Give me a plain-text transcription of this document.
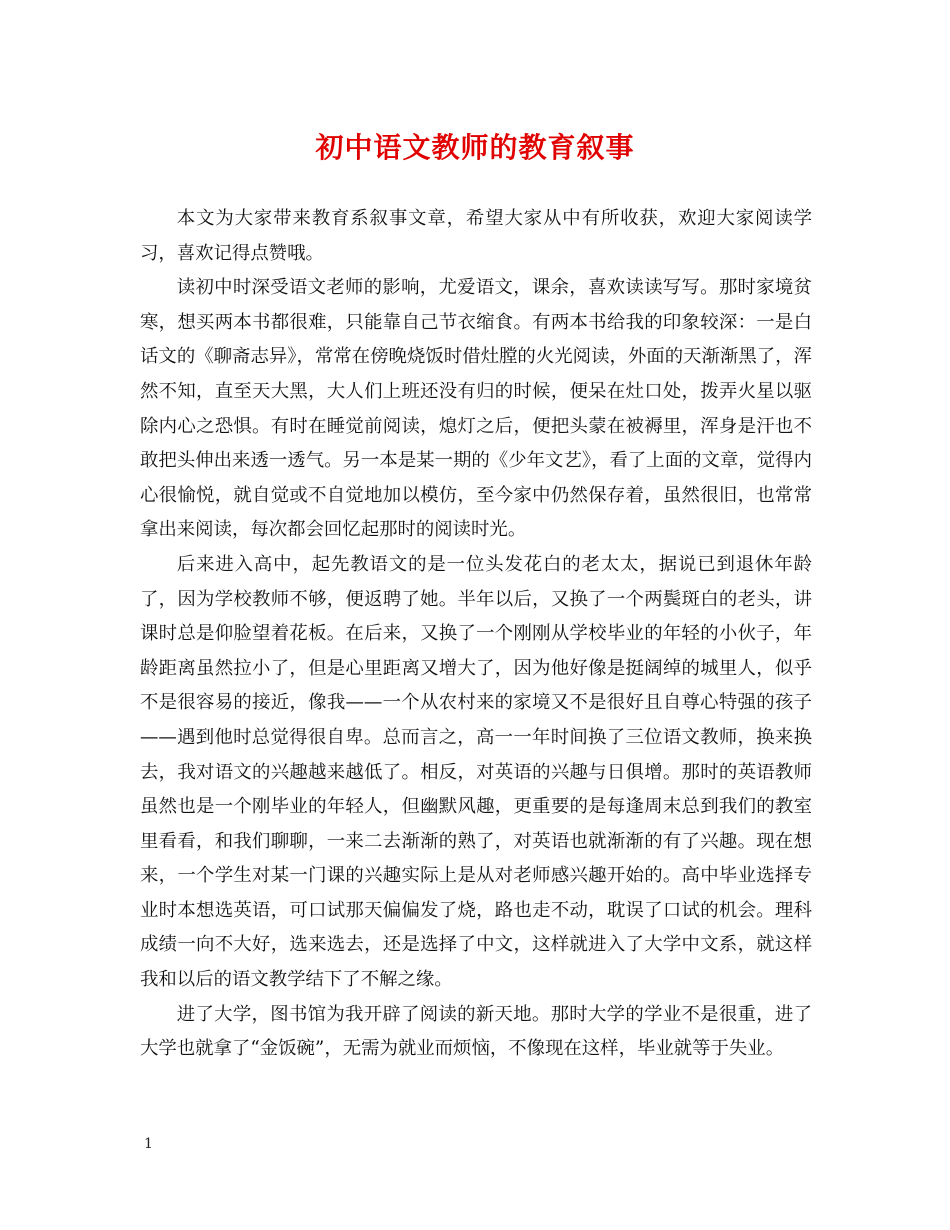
初中语文教师的教育叙事

本文为大家带来教育系叙事文章，希望大家从中有所收获，欢迎大家阅读学习，喜欢记得点赞哦。

读初中时深受语文老师的影响，尤爱语文，课余，喜欢读读写写。那时家境贫寒，想买两本书都很难，只能靠自己节衣缩食。有两本书给我的印象较深：一是白话文的《聊斋志异》，常常在傍晚烧饭时借灶膛的火光阅读，外面的天渐渐黑了，浑然不知，直至天大黑，大人们上班还没有归的时候，便呆在灶口处，拨弄火星以驱除内心之恐惧。有时在睡觉前阅读，熄灯之后，便把头蒙在被褥里，浑身是汗也不敢把头伸出来透一透气。另一本是某一期的《少年文艺》，看了上面的文章，觉得内心很愉悦，就自觉或不自觉地加以模仿，至今家中仍然保存着，虽然很旧，也常常拿出来阅读，每次都会回忆起那时的阅读时光。

后来进入高中，起先教语文的是一位头发花白的老太太，据说已到退休年龄了，因为学校教师不够，便返聘了她。半年以后，又换了一个两鬓斑白的老头，讲课时总是仰脸望着花板。在后来，又换了一个刚刚从学校毕业的年轻的小伙子，年龄距离虽然拉小了，但是心里距离又增大了，因为他好像是挺阔绰的城里人，似乎不是很容易的接近，像我——一个从农村来的家境又不是很好且自尊心特强的孩子——遇到他时总觉得很自卑。总而言之，高一一年时间换了三位语文教师，换来换去，我对语文的兴趣越来越低了。相反，对英语的兴趣与日俱增。那时的英语教师虽然也是一个刚毕业的年轻人，但幽默风趣，更重要的是每逢周末总到我们的教室里看看，和我们聊聊，一来二去渐渐的熟了，对英语也就渐渐的有了兴趣。现在想来，一个学生对某一门课的兴趣实际上是从对老师感兴趣开始的。高中毕业选择专业时本想选英语，可口试那天偏偏发了烧，路也走不动，耽误了口试的机会。理科成绩一向不大好，选来选去，还是选择了中文，这样就进入了大学中文系，就这样我和以后的语文教学结下了不解之缘。

进了大学，图书馆为我开辟了阅读的新天地。那时大学的学业不是很重，进了大学也就拿了“金饭碗”，无需为就业而烦恼，不像现在这样，毕业就等于失业。

1
